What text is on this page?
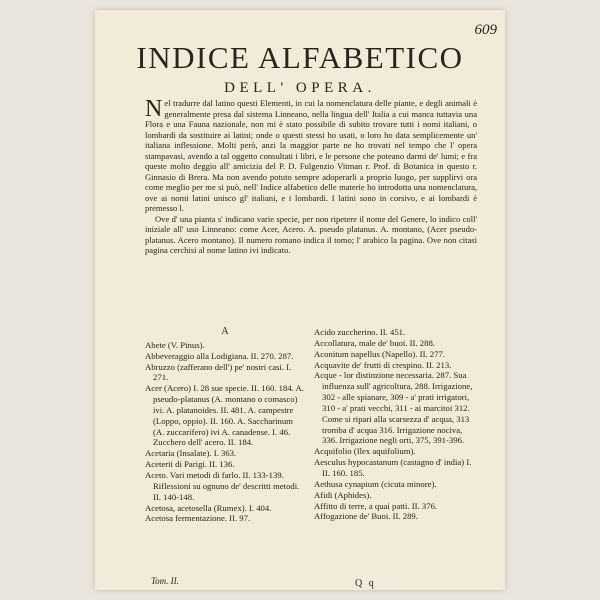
609
INDICE ALFABETICO
DELL' OPERA.

Nel tradurre dal latino questi Elementi, in cui la nomenclatura delle piante, e degli animali è generalmente presa dal sistema Linneano, nella lingua dell' Italia a cui manca tuttavia una Flora e una Fauna nazionale, non mi è stato possibile di subito trovare tutti i nomi italiani, o lombardi da sostituire ai latini; onde o questi stessi ho usati, o loro ho data semplicemente un' italiana inflessione. Molti però, anzi la maggior parte ne ho trovati nel tempo che l' opera stampavasi, avendo a tal oggetto consultati i libri, e le persone che poteano darmi de' lumi; e fra queste molto deggio all' amicizia del P. D. Fulgenzio Vitman r. Prof. di Botanica in questo r. Ginnasio di Brera. Ma non avendo potuto sempre adoperarli a proprio luogo, per supplirvi ora come meglio per me si può, nell' Indice alfabetico delle materie ho introdotta una nomenclatura, ove ai nomi latini unisco gl' italiani, e i lombardi. I latini sono in corsivo, e ai lombardi è premesso l.

Ove d' una pianta s' indicano varie specie, per non ripetere il nome del Genere, lo indico coll' iniziale all' uso Linneano: come Acer, Acero. A. pseudo platanus. A. montano, (Acer pseudo-platanus. Acero montano). Il numero romano indica il tomo; l' arabico la pagina. Ove non citasi pagina cerchisi al nome latino ivi indicato.

A

Abete (V. Pinus).

Abbeveraggio alla Lodigiana. II. 270. 287.

Abruzzo (zafferano dell') pe' nostri casi. I. 271.

Acer (Acero) I. 28 sue specie. II. 160. 184. A. pseudo-platanus (A. montano o comasco) ivi. A. platanoides. II. 481. A. campestre (Loppo, oppio). II. 160. A. Saccharinum (A. zuccarifero) ivi A. canadense. I. 46. Zucchero dell' acero. II. 184.

Acetaria (Insalate). I. 363.

Aceterii di Parigi. II. 136.

Aceto. Vari metodi di farlo. II. 133-139. Riflessioni su ognuno de' descritti metodi. II. 140-148.

Acetosa, acetosella (Rumex). I. 404.

Acetosa fermentazione. II. 97.

Acido zuccherino. II. 451.

Accollatura, male de' buoi. II. 288.

Aconitum napellus (Napello). II. 277.

Acquavite de' frutti di crespino. II. 213.

Acque - lor distinzione necessaria. 287. Sua influenza sull' agricoltura, 288. Irrigazione, 302 - alle spianare, 309 - a' prati irrigatori, 310 - a' prati vecchi, 311 - ai marcitoi 312. Come si ripari alla scarsezza d' acqua, 313 tromba d' acqua 316. Irrigazione nociva, 336. Irrigazione negli orti, 375, 391-396.

Acquifolio (Ilex aquifolium).

Aesculus hypocastanum (castagno d' india) I. II. 160. 185.

Aethusa cynapium (cicuta minore).

Afidi (Aphides).

Affitto di terre, a quai patti. II. 376.

Affogazione de' Buoi. II. 289.

Tom. II.	Q q
